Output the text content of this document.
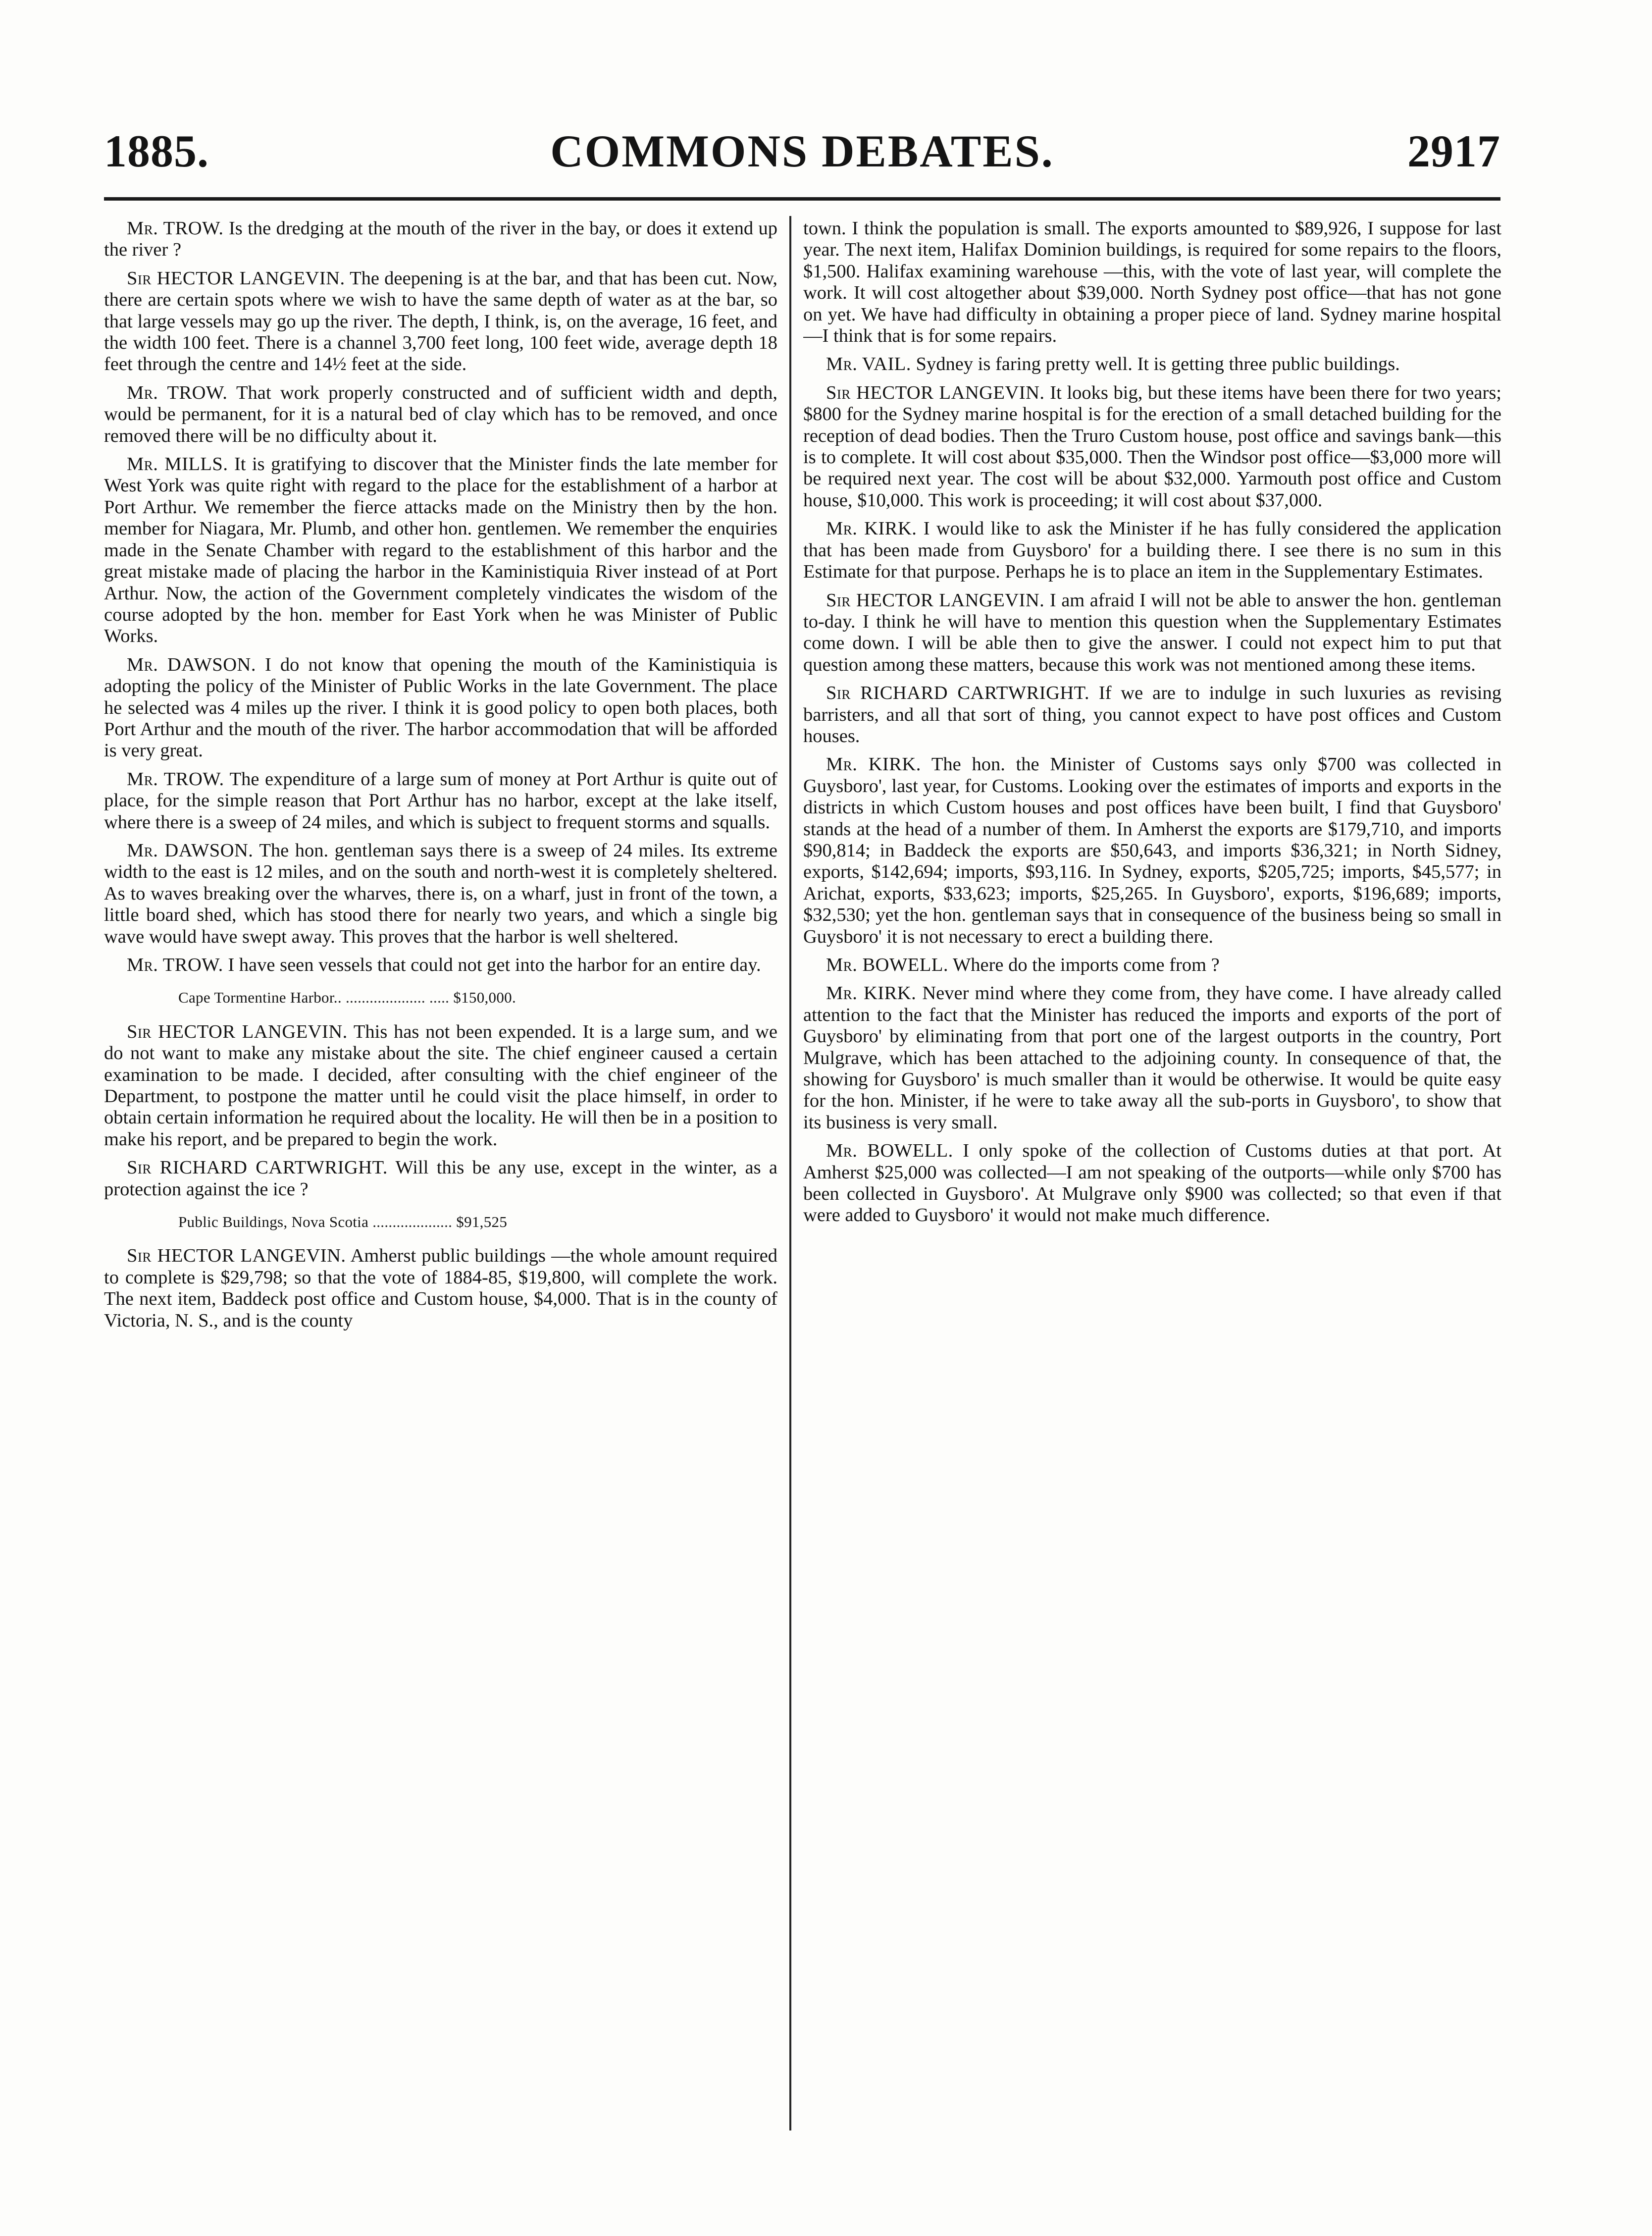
1885.	COMMONS DEBATES.	2917

Mr. TROW. Is the dredging at the mouth of the river in the bay, or does it extend up the river ?

Sir HECTOR LANGEVIN. The deepening is at the bar, and that has been cut. Now, there are certain spots where we wish to have the same depth of water as at the bar, so that large vessels may go up the river. The depth, I think, is, on the average, 16 feet, and the width 100 feet. There is a channel 3,700 feet long, 100 feet wide, average depth 18 feet through the centre and 14½ feet at the side.

Mr. TROW. That work properly constructed and of sufficient width and depth, would be permanent, for it is a natural bed of clay which has to be removed, and once removed there will be no difficulty about it.

Mr. MILLS. It is gratifying to discover that the Minister finds the late member for West York was quite right with regard to the place for the establishment of a harbor at Port Arthur. We remember the fierce attacks made on the Ministry then by the hon. member for Niagara, Mr. Plumb, and other hon. gentlemen. We remember the enquiries made in the Senate Chamber with regard to the establishment of this harbor and the great mistake made of placing the harbor in the Kaministiquia River instead of at Port Arthur. Now, the action of the Government completely vindicates the wisdom of the course adopted by the hon. member for East York when he was Minister of Public Works.

Mr. DAWSON. I do not know that opening the mouth of the Kaministiquia is adopting the policy of the Minister of Public Works in the late Government. The place he selected was 4 miles up the river. I think it is good policy to open both places, both Port Arthur and the mouth of the river. The harbor accommodation that will be afforded is very great.

Mr. TROW. The expenditure of a large sum of money at Port Arthur is quite out of place, for the simple reason that Port Arthur has no harbor, except at the lake itself, where there is a sweep of 24 miles, and which is subject to frequent storms and squalls.

Mr. DAWSON. The hon. gentleman says there is a sweep of 24 miles. Its extreme width to the east is 12 miles, and on the south and north-west it is completely sheltered. As to waves breaking over the wharves, there is, on a wharf, just in front of the town, a little board shed, which has stood there for nearly two years, and which a single big wave would have swept away. This proves that the harbor is well sheltered.

Mr. TROW. I have seen vessels that could not get into the harbor for an entire day.

Cape Tormentine Harbor.. .................... ..... $150,000.

Sir HECTOR LANGEVIN. This has not been expended. It is a large sum, and we do not want to make any mistake about the site. The chief engineer caused a certain examination to be made. I decided, after consulting with the chief engineer of the Department, to postpone the matter until he could visit the place himself, in order to obtain certain information he required about the locality. He will then be in a position to make his report, and be prepared to begin the work.

Sir RICHARD CARTWRIGHT. Will this be any use, except in the winter, as a protection against the ice ?

Public Buildings, Nova Scotia .................... $91,525

Sir HECTOR LANGEVIN. Amherst public buildings —the whole amount required to complete is $29,798; so that the vote of 1884-85, $19,800, will complete the work. The next item, Baddeck post office and Custom house, $4,000. That is in the county of Victoria, N. S., and is the county

town. I think the population is small. The exports amounted to $89,926, I suppose for last year. The next item, Halifax Dominion buildings, is required for some repairs to the floors, $1,500. Halifax examining warehouse —this, with the vote of last year, will complete the work. It will cost altogether about $39,000. North Sydney post office—that has not gone on yet. We have had difficulty in obtaining a proper piece of land. Sydney marine hospital —I think that is for some repairs.

Mr. VAIL. Sydney is faring pretty well. It is getting three public buildings.

Sir HECTOR LANGEVIN. It looks big, but these items have been there for two years; $800 for the Sydney marine hospital is for the erection of a small detached building for the reception of dead bodies. Then the Truro Custom house, post office and savings bank—this is to complete. It will cost about $35,000. Then the Windsor post office—$3,000 more will be required next year. The cost will be about $32,000. Yarmouth post office and Custom house, $10,000. This work is proceeding; it will cost about $37,000.

Mr. KIRK. I would like to ask the Minister if he has fully considered the application that has been made from Guysboro' for a building there. I see there is no sum in this Estimate for that purpose. Perhaps he is to place an item in the Supplementary Estimates.

Sir HECTOR LANGEVIN. I am afraid I will not be able to answer the hon. gentleman to-day. I think he will have to mention this question when the Supplementary Estimates come down. I will be able then to give the answer. I could not expect him to put that question among these matters, because this work was not mentioned among these items.

Sir RICHARD CARTWRIGHT. If we are to indulge in such luxuries as revising barristers, and all that sort of thing, you cannot expect to have post offices and Custom houses.

Mr. KIRK. The hon. the Minister of Customs says only $700 was collected in Guysboro', last year, for Customs. Looking over the estimates of imports and exports in the districts in which Custom houses and post offices have been built, I find that Guysboro' stands at the head of a number of them. In Amherst the exports are $179,710, and imports $90,814; in Baddeck the exports are $50,643, and imports $36,321; in North Sidney, exports, $142,694; imports, $93,116. In Sydney, exports, $205,725; imports, $45,577; in Arichat, exports, $33,623; imports, $25,265. In Guysboro', exports, $196,689; imports, $32,530; yet the hon. gentleman says that in consequence of the business being so small in Guysboro' it is not necessary to erect a building there.

Mr. BOWELL. Where do the imports come from ?

Mr. KIRK. Never mind where they come from, they have come. I have already called attention to the fact that the Minister has reduced the imports and exports of the port of Guysboro' by eliminating from that port one of the largest outports in the country, Port Mulgrave, which has been attached to the adjoining county. In consequence of that, the showing for Guysboro' is much smaller than it would be otherwise. It would be quite easy for the hon. Minister, if he were to take away all the sub-ports in Guysboro', to show that its business is very small.

Mr. BOWELL. I only spoke of the collection of Customs duties at that port. At Amherst $25,000 was collected—I am not speaking of the outports—while only $700 has been collected in Guysboro'. At Mulgrave only $900 was collected; so that even if that were added to Guysboro' it would not make much difference.
